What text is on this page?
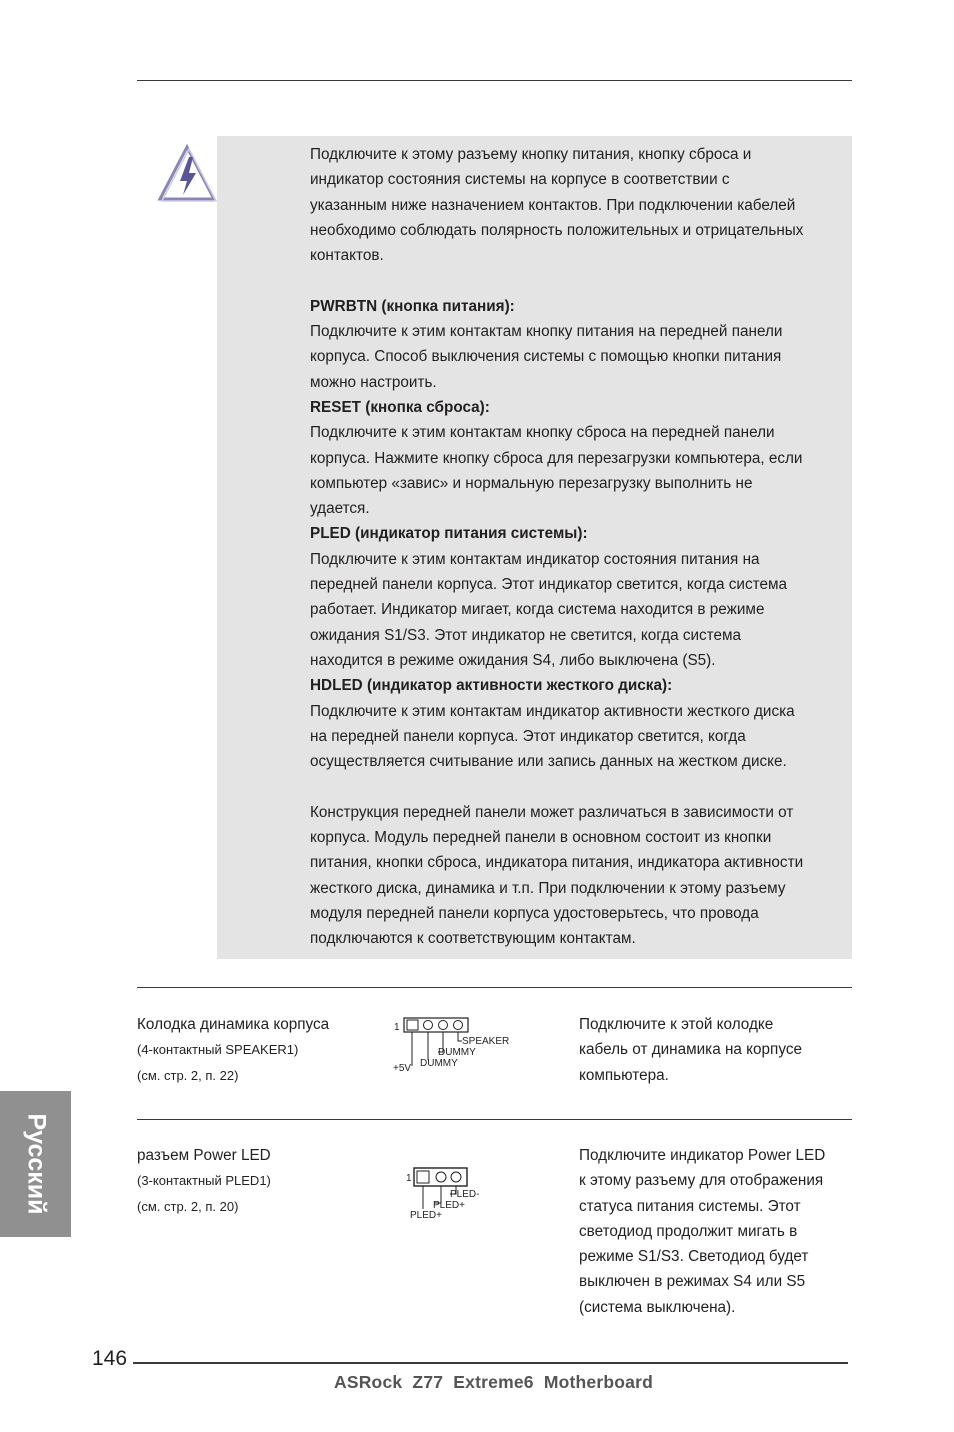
Подключите к этому разъему кнопку питания, кнопку сброса и

индикатор состояния системы на корпусе в соответствии с

указанным ниже назначением контактов. При подключении кабелей

необходимо соблюдать полярность положительных и отрицательных

контактов.

PWRBTN (кнопка питания):

Подключите к этим контактам кнопку питания на передней панели

корпуса. Способ выключения системы с помощью кнопки питания

можно настроить.

RESET (кнопка сброса):

Подключите к этим контактам кнопку сброса на передней панели

корпуса. Нажмите кнопку сброса для перезагрузки компьютера, если

компьютер «завис» и нормальную перезагрузку выполнить не

удается.

PLED (индикатор питания системы):

Подключите к этим контактам индикатор состояния питания на

передней панели корпуса. Этот индикатор светится, когда система

работает. Индикатор мигает, когда система находится в режиме

ожидания S1/S3. Этот индикатор не светится, когда система

находится в режиме ожидания S4, либо выключена (S5).

HDLED (индикатор активности жесткого диска):

Подключите к этим контактам индикатор активности жесткого диска

на передней панели корпуса. Этот индикатор светится, когда

осуществляется считывание или запись данных на жестком диске.

Конструкция передней панели может различаться в зависимости от

корпуса. Модуль передней панели в основном состоит из кнопки

питания, кнопки сброса, индикатора питания, индикатора активности

жесткого диска, динамика и т.п. При подключении к этому разъему

модуля передней панели корпуса удостоверьтесь, что провода

подключаются к соответствующим контактам.

Колодка динамика корпуса
(4-контактный SPEAKER1)
(см. стр. 2, п. 22)
1
SPEAKER
DUMMY
+5V DUMMY
Подключите к этой колодке
кабель от динамика на корпусе
компьютера.
разъем Power LED
(3-контактный PLED1)
(см. стр. 2, п. 20)
1
PLED-
PLED+
PLED+
Подключите индикатор Power LED
к этому разъему для отображения
статуса питания системы. Этот
светодиод продолжит мигать в
режиме S1/S3. Светодиод будет
выключен в режимах S4 или S5
(система выключена).
Русский
146
ASRock  Z77  Extreme6  Motherboard
